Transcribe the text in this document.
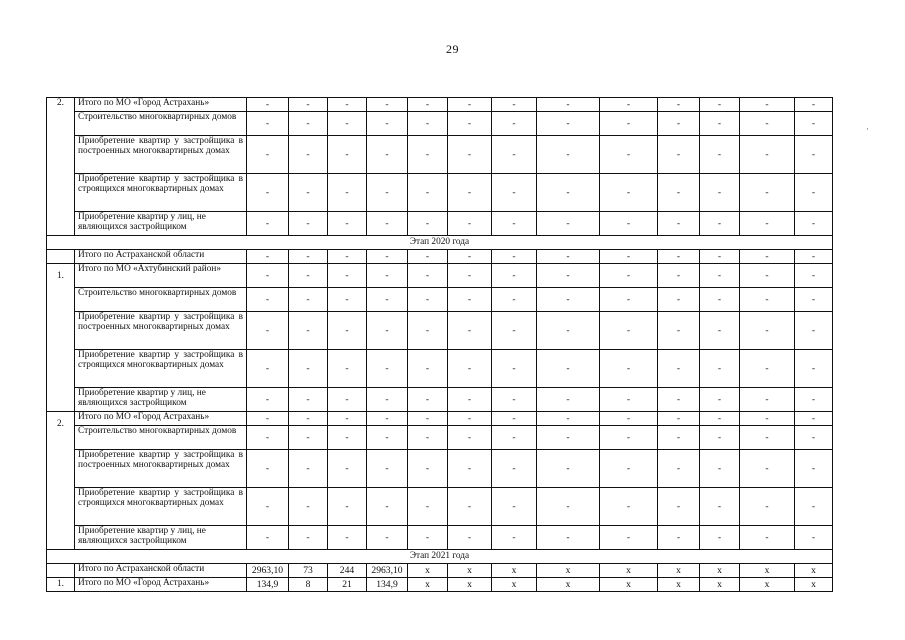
29
·
2.	Итого по МО «Город Астрахань»	-	-	-	-	-	-	-	-	-	-	-	-	-
	Строительство многоквартирных домов	-	-	-	-	-	-	-	-	-	-	-	-	-
	Приобретение квартир у застройщика в построенных многоквартирных домах	-	-	-	-	-	-	-	-	-	-	-	-	-
	Приобретение квартир у застройщика в строящихся многоквартирных домах	-	-	-	-	-	-	-	-	-	-	-	-	-
	Приобретение квартир у лиц, не являющихся застройщиком	-	-	-	-	-	-	-	-	-	-	-	-	-
Этап 2020 года														
	Итого по Астраханской области	-	-	-	-	-	-	-	-	-	-	-	-	-
1.	Итого по МО «Ахтубинский район»	-	-	-	-	-	-	-	-	-	-	-	-	-
	Строительство многоквартирных домов	-	-	-	-	-	-	-	-	-	-	-	-	-
	Приобретение квартир у застройщика в построенных многоквартирных домах	-	-	-	-	-	-	-	-	-	-	-	-	-
	Приобретение квартир у застройщика в строящихся многоквартирных домах	-	-	-	-	-	-	-	-	-	-	-	-	-
	Приобретение квартир у лиц, не являющихся застройщиком	-	-	-	-	-	-	-	-	-	-	-	-	-
2.	Итого по МО «Город Астрахань»	-	-	-	-	-	-	-	-	-	-	-	-	-
	Строительство многоквартирных домов	-	-	-	-	-	-	-	-	-	-	-	-	-
	Приобретение квартир у застройщика в построенных многоквартирных домах	-	-	-	-	-	-	-	-	-	-	-	-	-
	Приобретение квартир у застройщика в строящихся многоквартирных домах	-	-	-	-	-	-	-	-	-	-	-	-	-
	Приобретение квартир у лиц, не являющихся застройщиком	-	-	-	-	-	-	-	-	-	-	-	-	-
Этап 2021 года														
	Итого по Астраханской области	2963,10	73	244	2963,10	x	x	x	x	x	x	x	x	x
1.	Итого по МО «Город Астрахань»	134,9	8	21	134,9	x	x	x	x	x	x	x	x	x
